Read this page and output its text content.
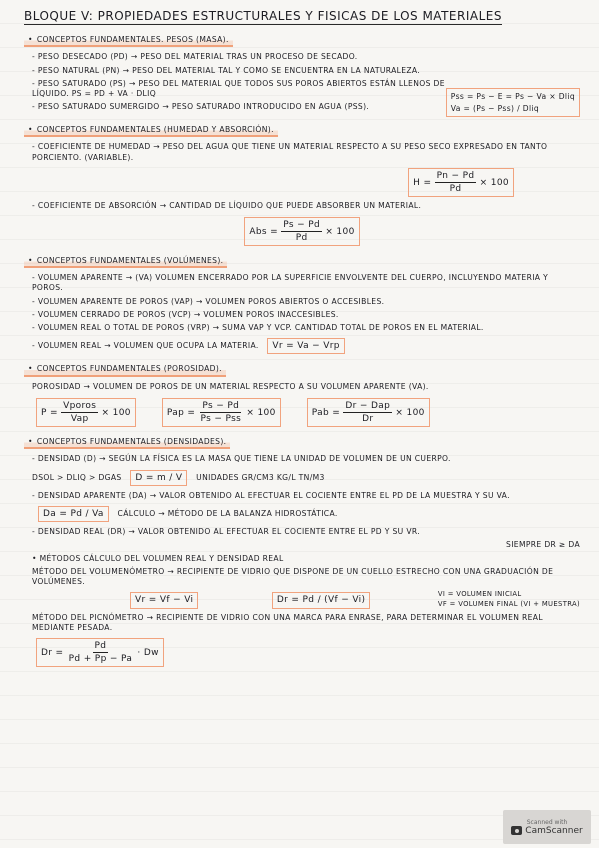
BLOQUE V: PROPIEDADES ESTRUCTURALES Y FISICAS DE LOS MATERIALES
• CONCEPTOS FUNDAMENTALES. PESOS (MASA).
- PESO DESECADO (PD) → PESO DEL MATERIAL TRAS UN PROCESO DE SECADO.
- PESO NATURAL (PN) → PESO DEL MATERIAL TAL Y COMO SE ENCUENTRA EN LA NATURALEZA.
- PESO SATURADO (PS) → PESO DEL MATERIAL QUE TODOS SUS POROS ABIERTOS ESTÁN LLENOS DE LÍQUIDO. PS = PD + VA · DLIQ
- PESO SATURADO SUMERGIDO → PESO SATURADO INTRODUCIDO EN AGUA (PSS).
Pss = Ps − E = Ps − Va × Dliq
Va = (Ps − Pss) / Dliq
• CONCEPTOS FUNDAMENTALES (HUMEDAD Y ABSORCIÓN).
- COEFICIENTE DE HUMEDAD → PESO DEL AGUA QUE TIENE UN MATERIAL RESPECTO A SU PESO SECO EXPRESADO EN TANTO PORCIENTO. (VARIABLE).
$H = \frac{Pn - Pd}{Pd} \times 100$
- COEFICIENTE DE ABSORCIÓN → CANTIDAD DE LÍQUIDO QUE PUEDE ABSORBER UN MATERIAL.
Abs = $\frac{Ps - Pd}{Pd} \times 100$
• CONCEPTOS FUNDAMENTALES (VOLÚMENES).
- VOLUMEN APARENTE → (VA) VOLUMEN ENCERRADO POR LA SUPERFICIE ENVOLVENTE DEL CUERPO, INCLUYENDO MATERIA Y POROS.
- VOLUMEN APARENTE DE POROS (VAP) → VOLUMEN POROS ABIERTOS O ACCESIBLES.
- VOLUMEN CERRADO DE POROS (VCP) → VOLUMEN POROS INACCESIBLES.
- VOLUMEN REAL O TOTAL DE POROS (VRP) → SUMA VAP Y VCP. CANTIDAD TOTAL DE POROS EN EL MATERIAL.
- VOLUMEN REAL → VOLUMEN QUE OCUPA LA MATERIA. Vr = Va − Vrp
• CONCEPTOS FUNDAMENTALES (POROSIDAD).
POROSIDAD → VOLUMEN DE POROS DE UN MATERIAL RESPECTO A SU VOLUMEN APARENTE (VA).
$P = \frac{\text{Vporos}}{\text{Vap}} \times 100$	Pap = $\frac{Ps - Pd}{\text{Ps − Pss}} \times 100$	Pab = $\frac{\text{Dr − Dap}}{Dr} \times 100$
• CONCEPTOS FUNDAMENTALES (DENSIDADES).
- DENSIDAD (D) → SEGÚN LA FÍSICA ES LA MASA QUE TIENE LA UNIDAD DE VOLUMEN DE UN CUERPO.
DSOL > DLIQ > DGAS D = m / V UNIDADES GR/CM3 KG/L TN/M3
- DENSIDAD APARENTE (DA) → VALOR OBTENIDO AL EFECTUAR EL COCIENTE ENTRE EL PD DE LA MUESTRA Y SU VA.
Da = Pd / Va CÁLCULO → MÉTODO DE LA BALANZA HIDROSTÁTICA.
- DENSIDAD REAL (DR) → VALOR OBTENIDO AL EFECTUAR EL COCIENTE ENTRE EL PD Y SU VR.
SIEMPRE DR ≥ DA
• MÉTODOS CÁLCULO DEL VOLUMEN REAL Y DENSIDAD REAL
MÉTODO DEL VOLUMENÓMETRO → RECIPIENTE DE VIDRIO QUE DISPONE DE UN CUELLO ESTRECHO CON UNA GRADUACIÓN DE VOLÚMENES.
Vr = Vf − Vi	Dr = Pd / (Vf − Vi)
VI = VOLUMEN INICIAL
VF = VOLUMEN FINAL (VI + MUESTRA)
MÉTODO DEL PICNÓMETRO → RECIPIENTE DE VIDRIO CON UNA MARCA PARA ENRASE, PARA DETERMINAR EL VOLUMEN REAL MEDIANTE PESADA.
$Dr = \frac{Pd}{Pd + Pp - Pa} \cdot Dw$
Scanned with
CamScanner
